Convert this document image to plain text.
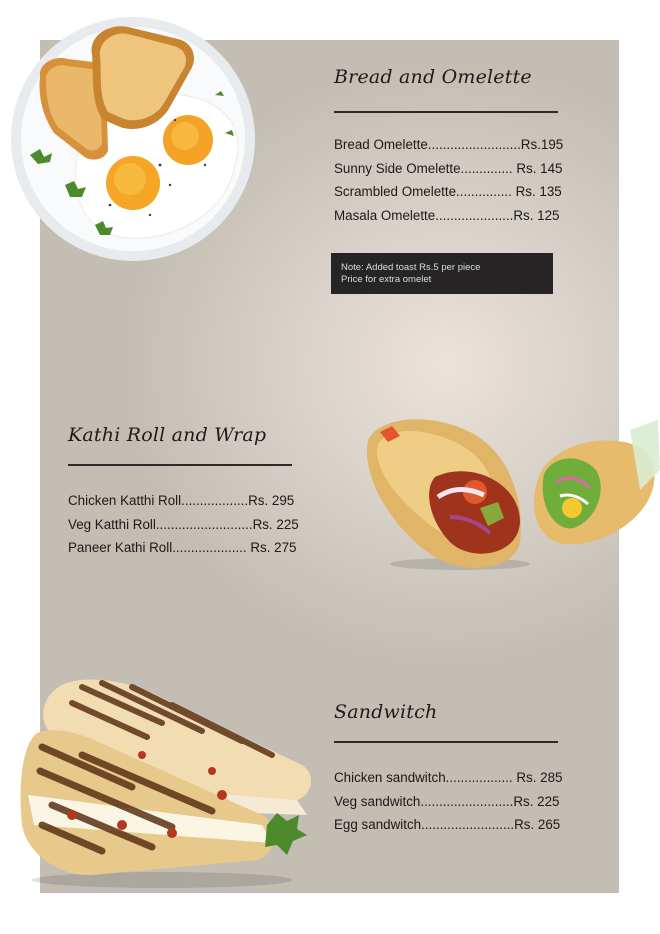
Bread and Omelette
Bread Omelette.........................Rs.195
Sunny Side Omelette.............. Rs. 145
Scrambled Omelette............... Rs. 135
Masala Omelette.....................Rs. 125
Note: Added toast Rs.5 per piece
Price for extra omelet
Kathi Roll and Wrap
Chicken Katthi Roll..................Rs. 295
Veg Katthi Roll..........................Rs. 225
Paneer Kathi Roll.................... Rs. 275
Sandwitch
Chicken sandwitch.................. Rs. 285
Veg sandwitch.........................Rs. 225
Egg sandwitch.........................Rs. 265
